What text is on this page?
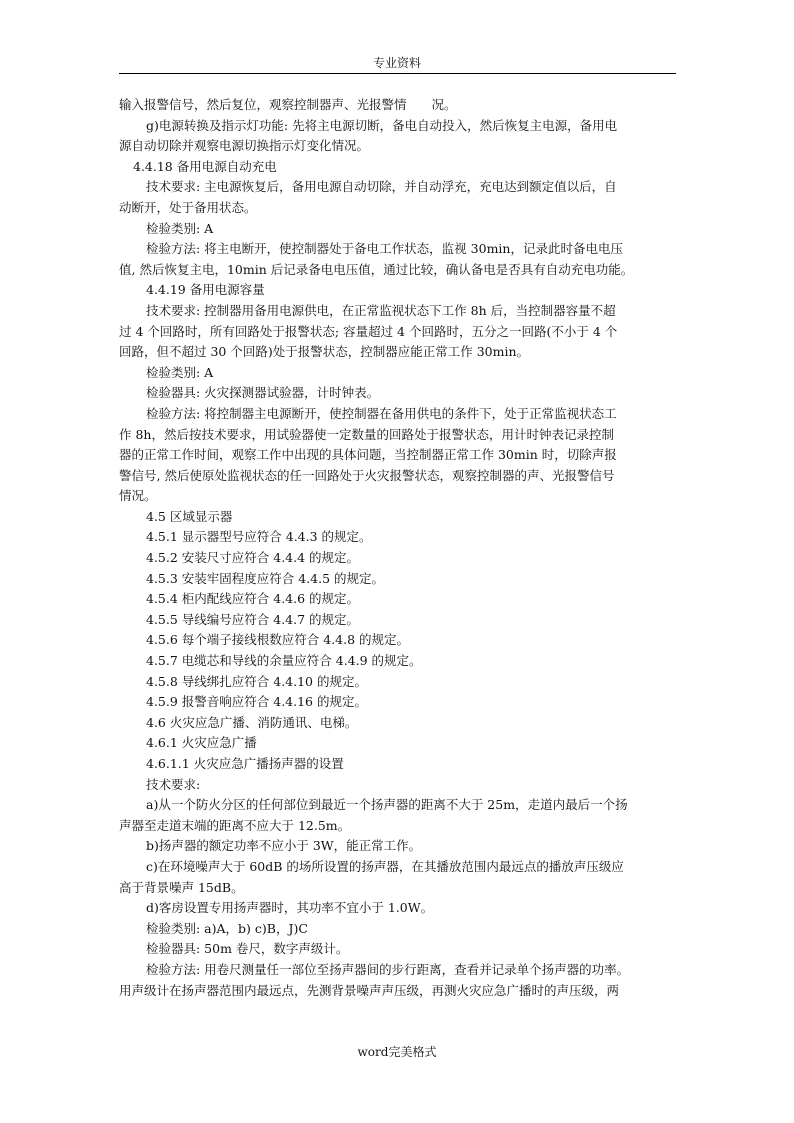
专业资料

输入报警信号，然后复位，观察控制器声、光报警情　　况。

g)电源转换及指示灯功能: 先将主电源切断，备电自动投入，然后恢复主电源，备用电

源自动切除并观察电源切换指示灯变化情况。

4.4.18 备用电源自动充电

技术要求: 主电源恢复后，备用电源自动切除，并自动浮充，充电达到额定值以后，自

动断开，处于备用状态。

检验类别: A

检验方法: 将主电断开，使控制器处于备电工作状态，监视 30min，记录此时备电电压

值, 然后恢复主电，10min 后记录备电电压值，通过比较，确认备电是否具有自动充电功能。

4.4.19 备用电源容量

技术要求: 控制器用备用电源供电，在正常监视状态下工作 8h 后，当控制器容量不超

过 4 个回路时，所有回路处于报警状态; 容量超过 4 个回路时，五分之一回路(不小于 4 个

回路，但不超过 30 个回路)处于报警状态，控制器应能正常工作 30min。

检验类别: A

检验器具: 火灾探测器试验器，计时钟表。

检验方法: 将控制器主电源断开，使控制器在备用供电的条件下，处于正常监视状态工

作 8h，然后按技术要求，用试验器使一定数量的回路处于报警状态，用计时钟表记录控制

器的正常工作时间，观察工作中出现的具体问题，当控制器正常工作 30min 时，切除声报

警信号, 然后使原处监视状态的任一回路处于火灾报警状态，观察控制器的声、光报警信号

情况。

4.5 区域显示器

4.5.1 显示器型号应符合 4.4.3 的规定。

4.5.2 安装尺寸应符合 4.4.4 的规定。

4.5.3 安装牢固程度应符合 4.4.5 的规定。

4.5.4 柜内配线应符合 4.4.6 的规定。

4.5.5 导线编号应符合 4.4.7 的规定。

4.5.6 每个端子接线根数应符合 4.4.8 的规定。

4.5.7 电缆芯和导线的余量应符合 4.4.9 的规定。

4.5.8 导线绑扎应符合 4.4.10 的规定。

4.5.9 报警音响应符合 4.4.16 的规定。

4.6 火灾应急广播、消防通讯、电梯。

4.6.1 火灾应急广播

4.6.1.1 火灾应急广播扬声器的设置

技术要求:

a)从一个防火分区的任何部位到最近一个扬声器的距离不大于 25m，走道内最后一个扬

声器至走道末端的距离不应大于 12.5m。

b)扬声器的额定功率不应小于 3W，能正常工作。

c)在环境噪声大于 60dB 的场所设置的扬声器，在其播放范围内最远点的播放声压级应

高于背景噪声 15dB。

d)客房设置专用扬声器时，其功率不宜小于 1.0W。

检验类别: a)A，b) c)B，J)C

检验器具: 50m 卷尺，数字声级计。

检验方法: 用卷尺测量任一部位至扬声器间的步行距离，查看并记录单个扬声器的功率。

用声级计在扬声器范围内最远点，先测背景噪声声压级，再测火灾应急广播时的声压级，两

word完美格式
